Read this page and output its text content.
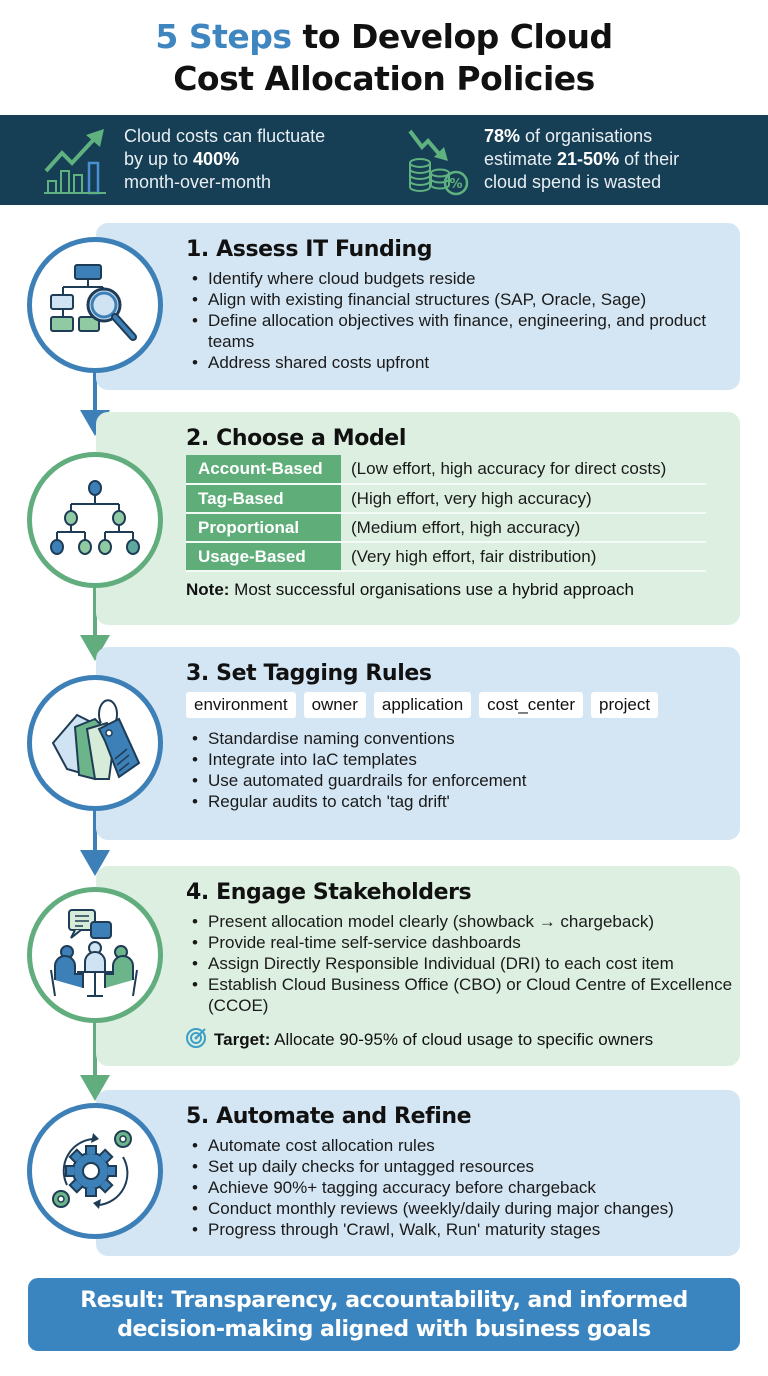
5 Steps to Develop Cloud
Cost Allocation Policies
Cloud costs can fluctuate
by up to 400%
month-over-month	%
78% of organisations
estimate 21-50% of their
cloud spend is wasted
1. Assess IT Funding
• Identify where cloud budgets reside
• Align with existing financial structures (SAP, Oracle, Sage)
• Define allocation objectives with finance, engineering, and product teams
• Address shared costs upfront
2. Choose a Model
Account-Based	(Low effort, high accuracy for direct costs)
Tag-Based	(High effort, very high accuracy)
Proportional	(Medium effort, high accuracy)
Usage-Based	(Very high effort, fair distribution)
Note: Most successful organisations use a hybrid approach
3. Set Tagging Rules
environment	owner	application	cost_center	project
• Standardise naming conventions
• Integrate into IaC templates
• Use automated guardrails for enforcement
• Regular audits to catch 'tag drift'
4. Engage Stakeholders
• Present allocation model clearly (showback → chargeback)
• Provide real-time self-service dashboards
• Assign Directly Responsible Individual (DRI) to each cost item
• Establish Cloud Business Office (CBO) or Cloud Centre of Excellence (CCOE)
Target: Allocate 90-95% of cloud usage to specific owners
5. Automate and Refine
• Automate cost allocation rules
• Set up daily checks for untagged resources
• Achieve 90%+ tagging accuracy before chargeback
• Conduct monthly reviews (weekly/daily during major changes)
• Progress through 'Crawl, Walk, Run' maturity stages
Result: Transparency, accountability, and informed
decision-making aligned with business goals
